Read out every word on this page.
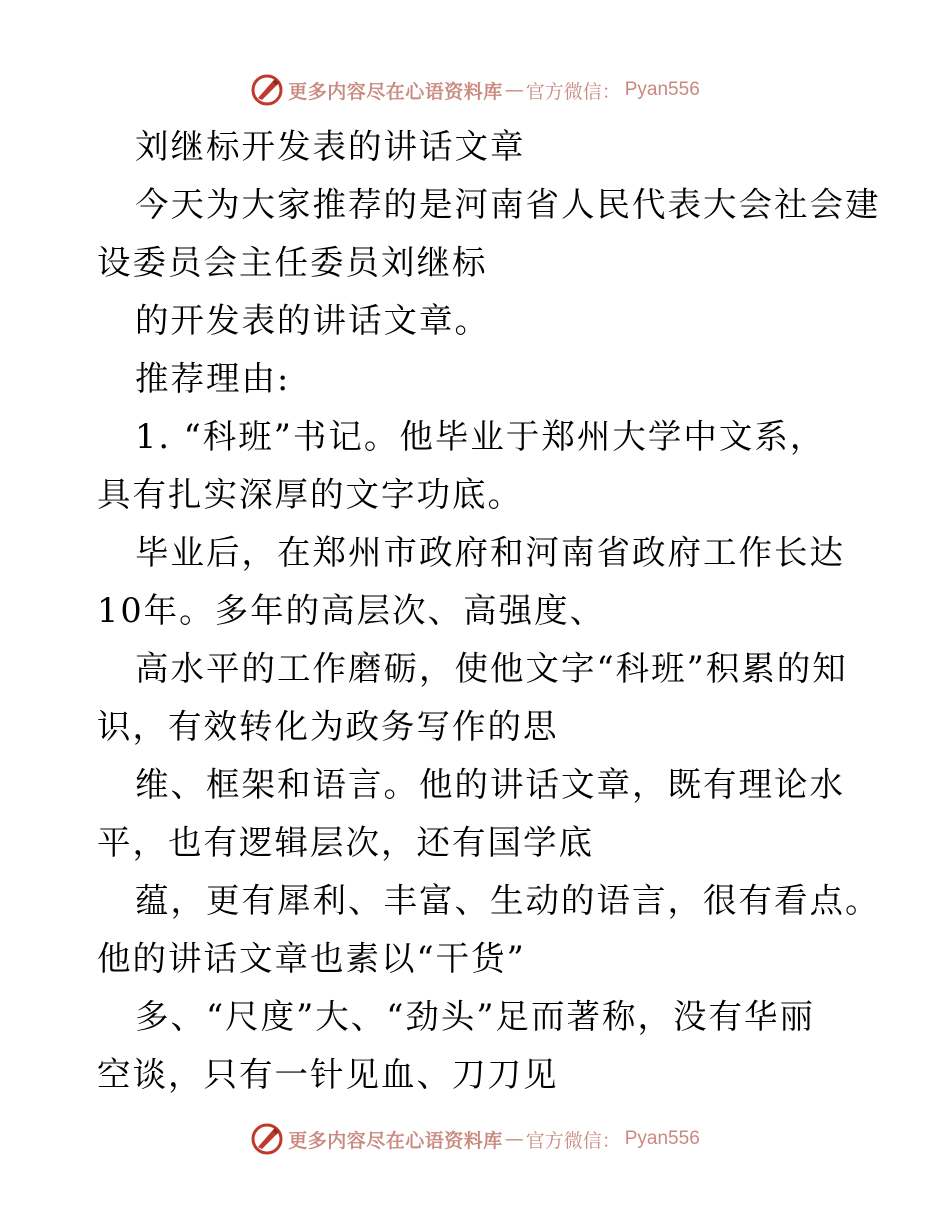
更多内容尽在心语资料库 — 官方微信： Pyan556
刘继标开发表的讲话文章
今天为大家推荐的是河南省人民代表大会社会建
设委员会主任委员刘继标
的开发表的讲话文章。
推荐理由:
1. “科班”书记。他毕业于郑州大学中文系，
具有扎实深厚的文字功底。
毕业后，在郑州市政府和河南省政府工作长达
10年。多年的高层次、高强度、
高水平的工作磨砺，使他文字“科班”积累的知
识，有效转化为政务写作的思
维、框架和语言。他的讲话文章，既有理论水
平，也有逻辑层次，还有国学底
蕴，更有犀利、丰富、生动的语言，很有看点。
他的讲话文章也素以“干货”
多、“尺度”大、“劲头”足而著称，没有华丽
空谈，只有一针见血、刀刀见
更多内容尽在心语资料库 — 官方微信： Pyan556
